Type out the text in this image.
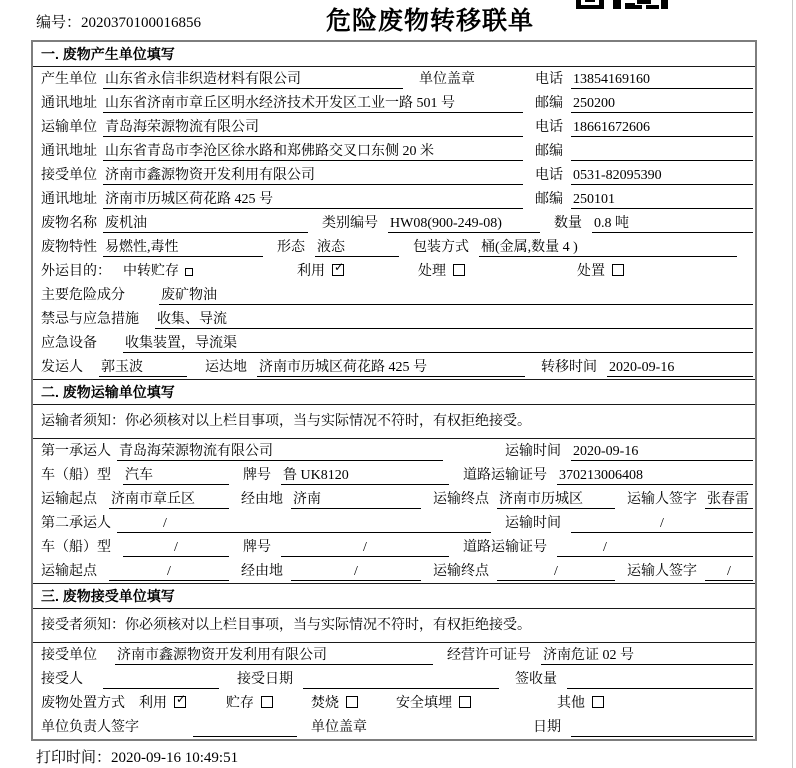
编号：2020370100016856	危险废物转移联单
一. 废物产生单位填写
产生单位 山东省永信非织造材料有限公司	单位盖章	电话 13854169160
通讯地址 山东省济南市章丘区明水经济技术开发区工业一路 501 号	邮编 250200
运输单位 青岛海荣源物流有限公司	电话 18661672606
通讯地址 山东省青岛市李沧区徐水路和郑佛路交叉口东侧 20 米	邮编
接受单位 济南市鑫源物资开发利用有限公司	电话 0531-82095390
通讯地址 济南市历城区荷花路 425 号	邮编 250101
废物名称 废机油	类别编号 HW08(900-249-08)	数量 0.8 吨
废物特性 易燃性,毒性	形态 液态	包装方式 桶(金属,数量 4 )
外运目的： 中转贮存	利用 ✓	处理	处置
主要危险成分	废矿物油
禁忌与应急措施 收集、导流
应急设备 收集装置，导流渠
发运人	郭玉波	运达地 济南市历城区荷花路 425 号	转移时间 2020-09-16
二. 废物运输单位填写
运输者须知：你必须核对以上栏目事项，当与实际情况不符时，有权拒绝接受。
第一承运人 青岛海荣源物流有限公司	运输时间 2020-09-16
车（船）型	汽车	牌号 鲁 UK8120	道路运输证号 370213006408
运输起点	济南市章丘区	经由地 济南	运输终点 济南市历城区	运输人签字 张春雷
第二承运人	/	运输时间	/
车（船）型	/	牌号	/	道路运输证号	/
运输起点	/	经由地	/	运输终点	/	运输人签字	/
三. 废物接受单位填写
接受者须知：你必须核对以上栏目事项，当与实际情况不符时，有权拒绝接受。
接受单位	济南市鑫源物资开发利用有限公司	经营许可证号 济南危证 02 号
接受人	接受日期	签收量
废物处置方式 利用 ✓	贮存	焚烧	安全填埋	其他
单位负责人签字	单位盖章	日期
打印时间：2020-09-16 10:49:51
